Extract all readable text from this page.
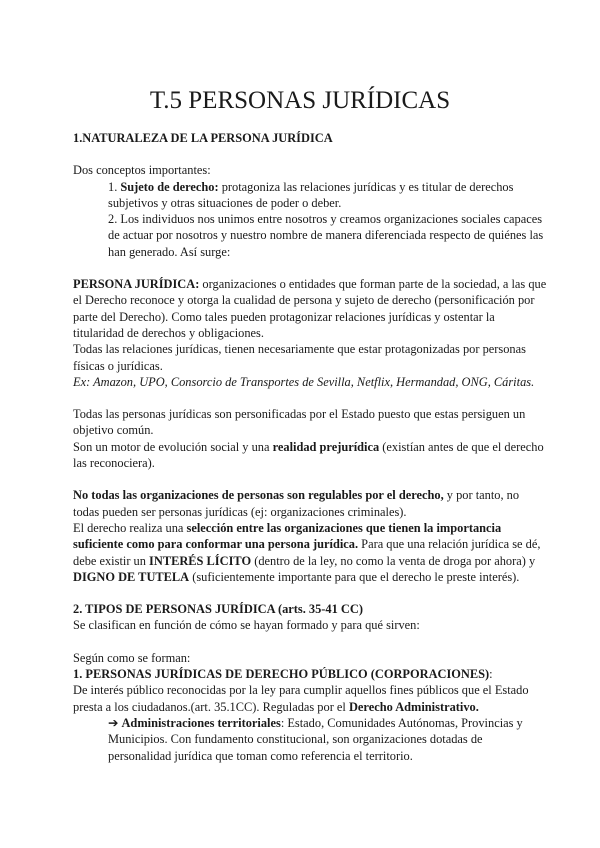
T.5 PERSONAS JURÍDICAS

1.NATURALEZA DE LA PERSONA JURÍDICA

Dos conceptos importantes:

1. Sujeto de derecho: protagoniza las relaciones jurídicas y es titular de derechos subjetivos y otras situaciones de poder o deber.

2. Los individuos nos unimos entre nosotros y creamos organizaciones sociales capaces de actuar por nosotros y nuestro nombre de manera diferenciada respecto de quiénes las han generado. Así surge:

PERSONA JURÍDICA: organizaciones o entidades que forman parte de la sociedad, a las que el Derecho reconoce y otorga la cualidad de persona y sujeto de derecho (personificación por parte del Derecho). Como tales pueden protagonizar relaciones jurídicas y ostentar la titularidad de derechos y obligaciones.

Todas las relaciones jurídicas, tienen necesariamente que estar protagonizadas por personas físicas o jurídicas.

Ex: Amazon, UPO, Consorcio de Transportes de Sevilla, Netflix, Hermandad, ONG, Cáritas.

Todas las personas jurídicas son personificadas por el Estado puesto que estas persiguen un objetivo común.

Son un motor de evolución social y una realidad prejurídica (existían antes de que el derecho las reconociera).

No todas las organizaciones de personas son regulables por el derecho, y por tanto, no todas pueden ser personas jurídicas (ej: organizaciones criminales).

El derecho realiza una selección entre las organizaciones que tienen la importancia suficiente como para conformar una persona jurídica. Para que una relación jurídica se dé, debe existir un INTERÉS LÍCITO (dentro de la ley, no como la venta de droga por ahora) y DIGNO DE TUTELA (suficientemente importante para que el derecho le preste interés).

2. TIPOS DE PERSONAS JURÍDICA (arts. 35-41 CC)

Se clasifican en función de cómo se hayan formado y para qué sirven:

Según como se forman:

1. PERSONAS JURÍDICAS DE DERECHO PÚBLICO (CORPORACIONES):

De interés público reconocidas por la ley para cumplir aquellos fines públicos que el Estado presta a los ciudadanos.(art. 35.1CC). Reguladas por el Derecho Administrativo.

➔ Administraciones territoriales: Estado, Comunidades Autónomas, Provincias y Municipios. Con fundamento constitucional, son organizaciones dotadas de personalidad jurídica que toman como referencia el territorio.
